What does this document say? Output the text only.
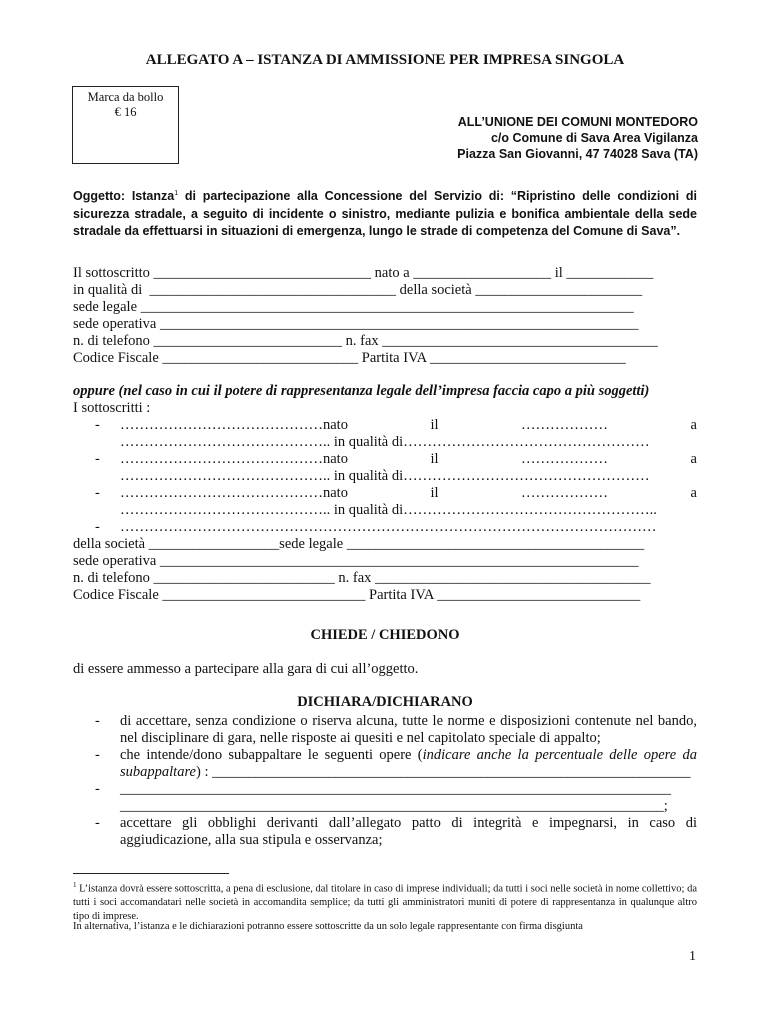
ALLEGATO A – ISTANZA DI AMMISSIONE PER IMPRESA SINGOLA
Marca da bollo
€ 16
ALL’UNIONE DEI COMUNI MONTEDORO
c/o Comune di Sava Area Vigilanza
Piazza San Giovanni, 47 74028 Sava (TA)
Oggetto: Istanza$^1$ di partecipazione alla Concessione del Servizio di: “Ripristino delle condizioni di sicurezza stradale, a seguito di incidente o sinistro, mediante pulizia e bonifica ambientale della sede stradale da effettuarsi in situazioni di emergenza, lungo le strade di competenza del Comune di Sava”.
Il sottoscritto ______________________________ nato a ___________________ il ____________
in qualità di  __________________________________ della società _______________________
sede legale ____________________________________________________________________
sede operativa __________________________________________________________________
n. di telefono __________________________ n. fax ______________________________________
Codice Fiscale ___________________________ Partita IVA ___________________________
oppure (nel caso in cui il potere di rappresentanza legale dell’impresa faccia capo a più soggetti)
I sottoscritti :
- ……………………………………nato	il	………………	a
…………………………………….. in qualità di……………………………………………
- ……………………………………nato	il	………………	a
…………………………………….. in qualità di……………………………………………
- ……………………………………nato	il	………………	a
…………………………………….. in qualità di……………………………………………..
- …………………………………………………………………………………………………
della società __________________sede legale _________________________________________
sede operativa __________________________________________________________________
n. di telefono _________________________ n. fax ______________________________________
Codice Fiscale ____________________________ Partita IVA ____________________________
CHIEDE / CHIEDONO
di essere ammesso a partecipare alla gara di cui all’oggetto.
DICHIARA/DICHIARANO
- di accettare, senza condizione o riserva alcuna, tutte le norme e disposizioni contenute nel bando, nel disciplinare di gara, nelle risposte ai quesiti e nel capitolato speciale di appalto;
- che intende/dono subappaltare le seguenti opere (indicare anche la percentuale delle opere da subappaltare) : __________________________________________________________________
- ____________________________________________________________________________
___________________________________________________________________________;
- accettare gli obblighi derivanti dall’allegato patto di integrità e impegnarsi, in caso di aggiudicazione, alla sua stipula e osservanza;
$^1$ L’istanza dovrà essere sottoscritta, a pena di esclusione, dal titolare in caso di imprese individuali; da tutti i soci nelle società in nome collettivo; da tutti i soci accomandatari nelle società in accomandita semplice; da tutti gli amministratori muniti di potere di rappresentanza in qualunque altro tipo di imprese.
In alternativa, l’istanza e le dichiarazioni potranno essere sottoscritte da un solo legale rappresentante con firma disgiunta
1
